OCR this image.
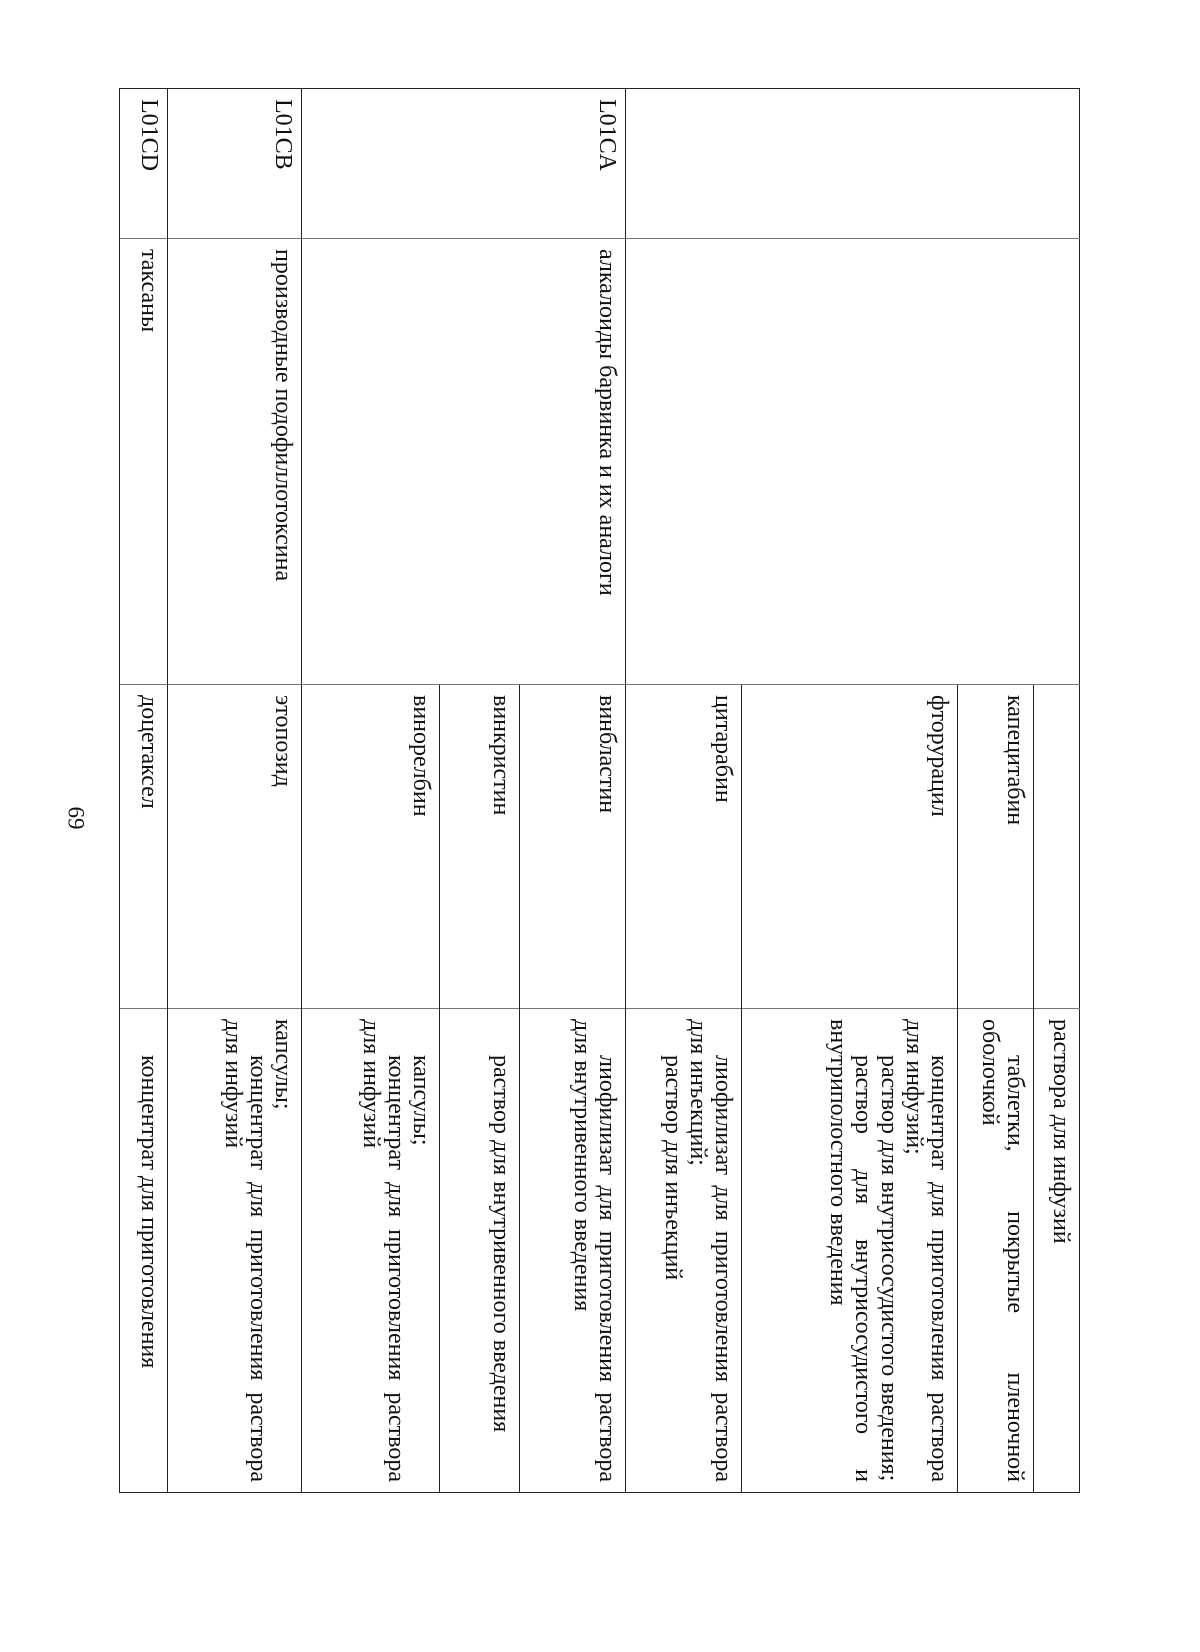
69

			раствора для инфузий

		капецитабин	таблетки, покрытые пленочной оболочкой

		фторурацил	концентрат для приготовления раствора для инфузий;
раствор для внутрисосудистого введения;
раствор для внутрисосудистого и внутриполостного введения

		цитарабин	лиофилизат для приготовления раствора для инъекций;
раствор для инъекций

L01CA	алкалоиды барвинка и их аналоги	винбластин	лиофилизат для приготовления раствора для внутривенного введения

		винкристин	раствор для внутривенного введения

		винорелбин	капсулы;
концентрат для приготовления раствора для инфузий

L01CB	производные подофиллотоксина	этопозид	капсулы;
концентрат для приготовления раствора для инфузий

L01CD	таксаны	доцетаксел	концентрат для приготовления
